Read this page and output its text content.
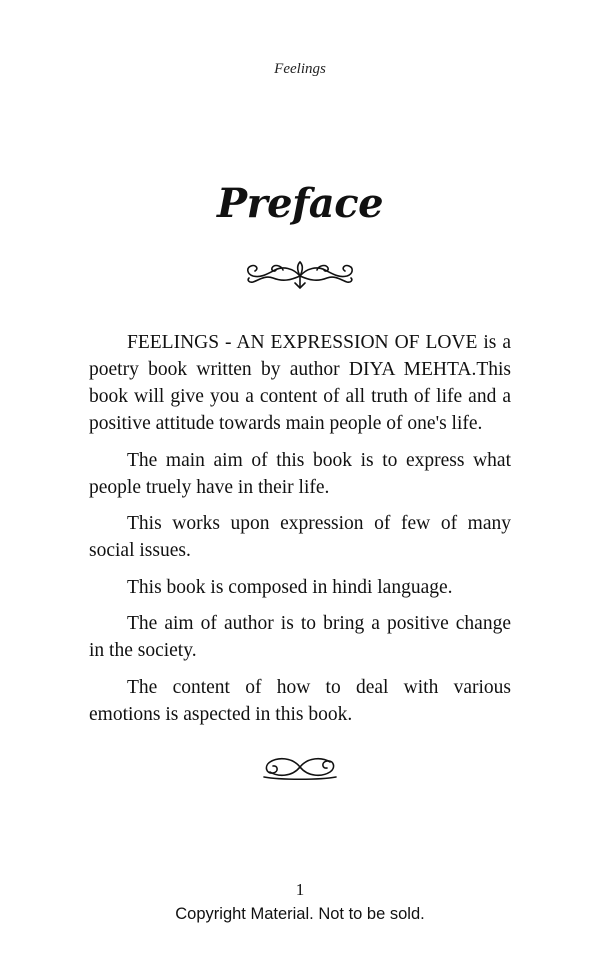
Feelings
Preface

FEELINGS - AN EXPRESSION OF LOVE is a poetry book written by author DIYA MEHTA.This book will give you a content of all truth of life and a positive attitude towards main people of one's life.

The main aim of this book is to express what people truely have in their life.

This works upon expression of few of many social issues.

This book is composed in hindi language.

The aim of author is to bring a positive change in the society.

The content of how to deal with various emotions is aspected in this book.

1
Copyright Material. Not to be sold.
